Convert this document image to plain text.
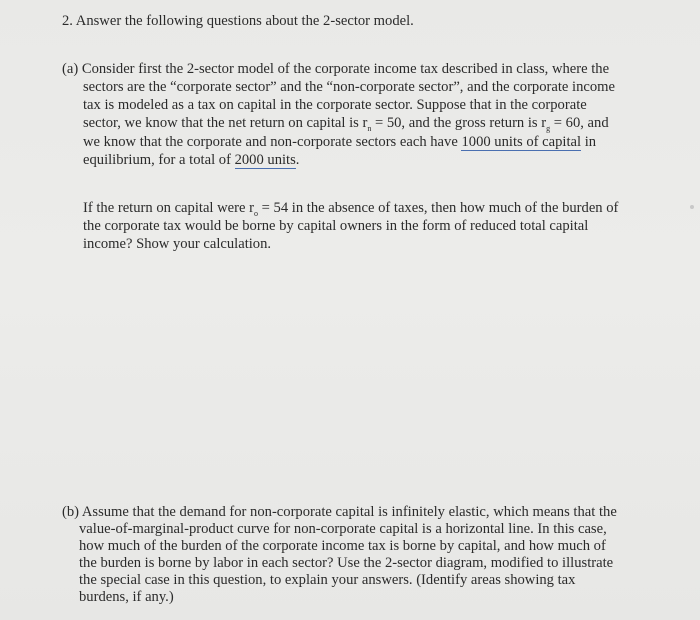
2. Answer the following questions about the 2-sector model.
(a) Consider first the 2-sector model of the corporate income tax described in class, where the
sectors are the “corporate sector” and the “non-corporate sector”, and the corporate income
tax is modeled as a tax on capital in the corporate sector. Suppose that in the corporate
sector, we know that the net return on capital is $r_n = 50$, and the gross return is $r_g = 60$, and
we know that the corporate and non-corporate sectors each have 1000 units of capital in
equilibrium, for a total of 2000 units.
If the return on capital were $r_o = 54$ in the absence of taxes, then how much of the burden of
the corporate tax would be borne by capital owners in the form of reduced total capital
income? Show your calculation.
(b) Assume that the demand for non-corporate capital is infinitely elastic, which means that the
value-of-marginal-product curve for non-corporate capital is a horizontal line. In this case,
how much of the burden of the corporate income tax is borne by capital, and how much of
the burden is borne by labor in each sector? Use the 2-sector diagram, modified to illustrate
the special case in this question, to explain your answers. (Identify areas showing tax
burdens, if any.)
